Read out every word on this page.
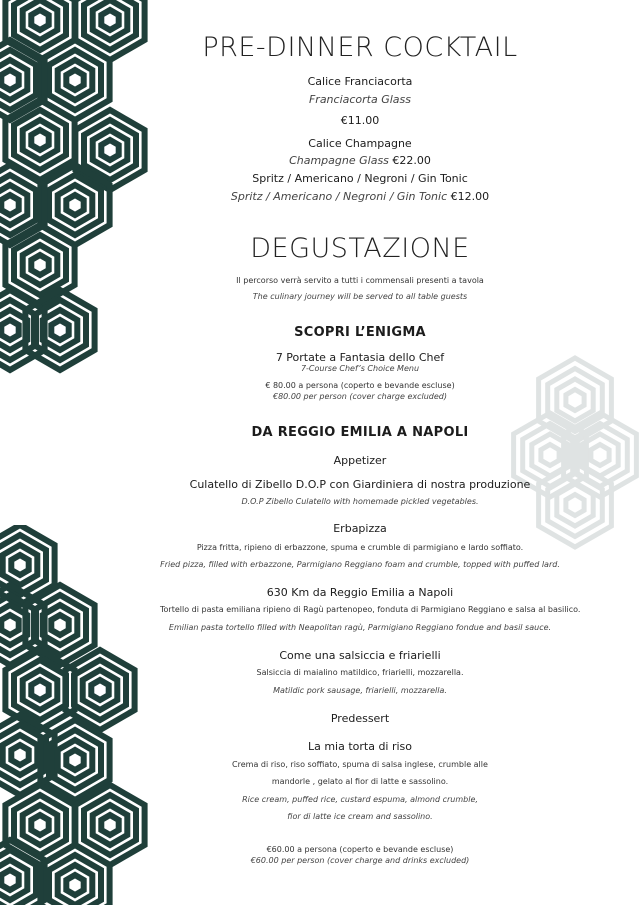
PRE-DINNER COCKTAIL
Calice Franciacorta
Franciacorta Glass
€11.00
Calice Champagne
Champagne Glass €22.00
Spritz / Americano / Negroni / Gin Tonic
Spritz / Americano / Negroni / Gin Tonic €12.00
DEGUSTAZIONE
Il percorso verrà servito a tutti i commensali presenti a tavola
The culinary journey will be served to all table guests
SCOPRI L’ENIGMA
7 Portate a Fantasia dello Chef
7-Course Chef’s Choice Menu
€ 80.00 a persona (coperto e bevande escluse)
€80.00 per person (cover charge excluded)
DA REGGIO EMILIA A NAPOLI
Appetizer
Culatello di Zibello D.O.P con Giardiniera di nostra produzione
D.O.P Zibello Culatello with homemade pickled vegetables.
Erbapizza
Pizza fritta, ripieno di erbazzone, spuma e crumble di parmigiano e lardo soffiato.
Fried pizza, filled with erbazzone, Parmigiano Reggiano foam and crumble, topped with puffed lard.
630 Km da Reggio Emilia a Napoli
Tortello di pasta emiliana ripieno di Ragù partenopeo, fonduta di Parmigiano Reggiano e salsa al basilico.
Emilian pasta tortello filled with Neapolitan ragù, Parmigiano Reggiano fondue and basil sauce.
Come una salsiccia e friarielli
Salsiccia di maialino matildico, friarielli, mozzarella.
Matildic pork sausage, friarielli, mozzarella.
Predessert
La mia torta di riso
Crema di riso, riso soffiato, spuma di salsa inglese, crumble alle
mandorle , gelato al fior di latte e sassolino.
Rice cream, puffed rice, custard espuma, almond crumble,
fior di latte ice cream and sassolino.
€60.00 a persona (coperto e bevande escluse)
€60.00 per person (cover charge and drinks excluded)
